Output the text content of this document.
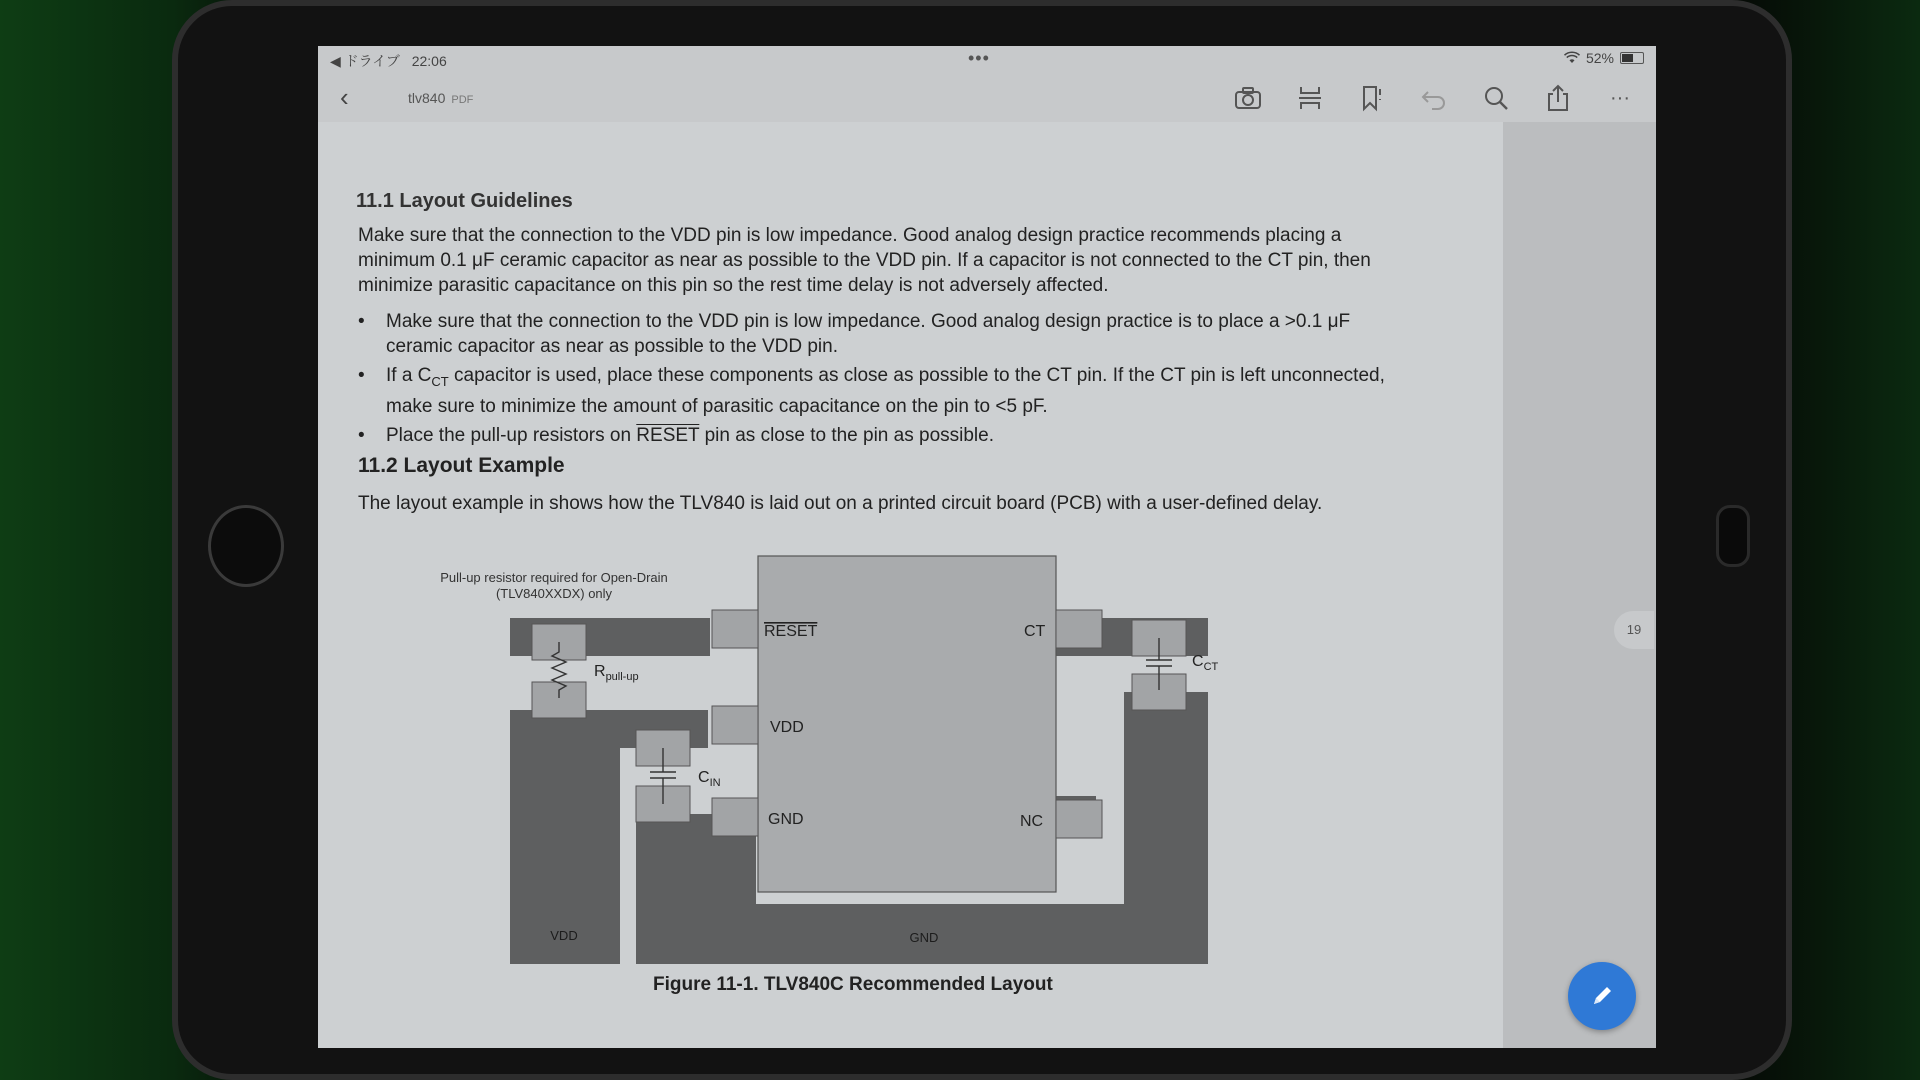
◀ ドライブ 22:06	•••	52%
‹	tlv840 PDF	···
11.1 Layout Guidelines
Make sure that the connection to the VDD pin is low impedance. Good analog design practice recommends placing a minimum 0.1 μF ceramic capacitor as near as possible to the VDD pin. If a capacitor is not connected to the CT pin, then minimize parasitic capacitance on this pin so the rest time delay is not adversely affected.
• Make sure that the connection to the VDD pin is low impedance. Good analog design practice is to place a >0.1 μF ceramic capacitor as near as possible to the VDD pin.
• If a $C_{CT}$ capacitor is used, place these components as close as possible to the CT pin. If the CT pin is left unconnected, make sure to minimize the amount of parasitic capacitance on the pin to <5 pF.
• Place the pull-up resistors on RESET pin as close to the pin as possible.
11.2 Layout Example
The layout example in shows how the TLV840 is laid out on a printed circuit board (PCB) with a user-defined delay.
Pull-up resistor required for Open-Drain
(TLV840XXDX) only
RESET	CT
VDD
GND	NC
$R_{pull-up}$
$C_{IN}$
$C_{CT}$
VDD	GND
Figure 11-1. TLV840C Recommended Layout
19
